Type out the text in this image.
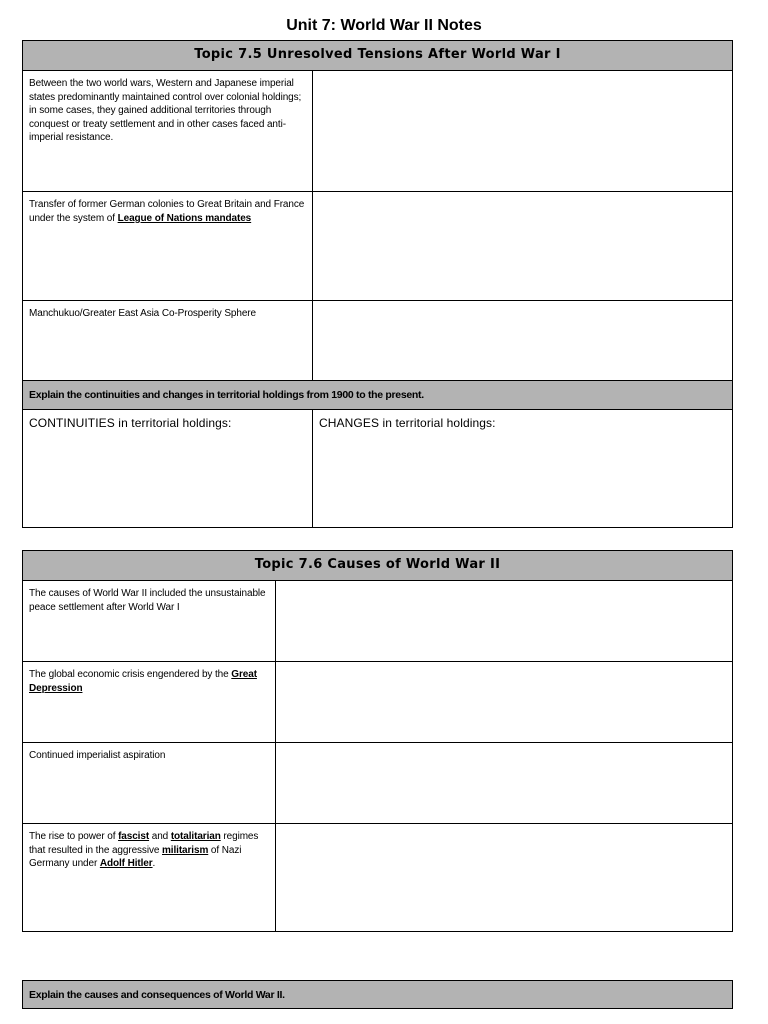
Unit 7: World War II Notes
Topic 7.5 Unresolved Tensions After World War I
Between the two world wars, Western and Japanese imperial states predominantly maintained control over colonial holdings; in some cases, they gained additional territories through conquest or treaty settlement and in other cases faced anti-imperial resistance.
Transfer of former German colonies to Great Britain and France under the system of League of Nations mandates
Manchukuo/Greater East Asia Co-Prosperity Sphere
Explain the continuities and changes in territorial holdings from 1900 to the present.
CONTINUITIES in territorial holdings:	CHANGES in territorial holdings:
Topic 7.6 Causes of World War II
The causes of World War II included the unsustainable peace settlement after World War I
The global economic crisis engendered by the Great Depression
Continued imperialist aspiration
The rise to power of fascist and totalitarian regimes that resulted in the aggressive militarism of Nazi Germany under Adolf Hitler.
Explain the causes and consequences of World War II.
